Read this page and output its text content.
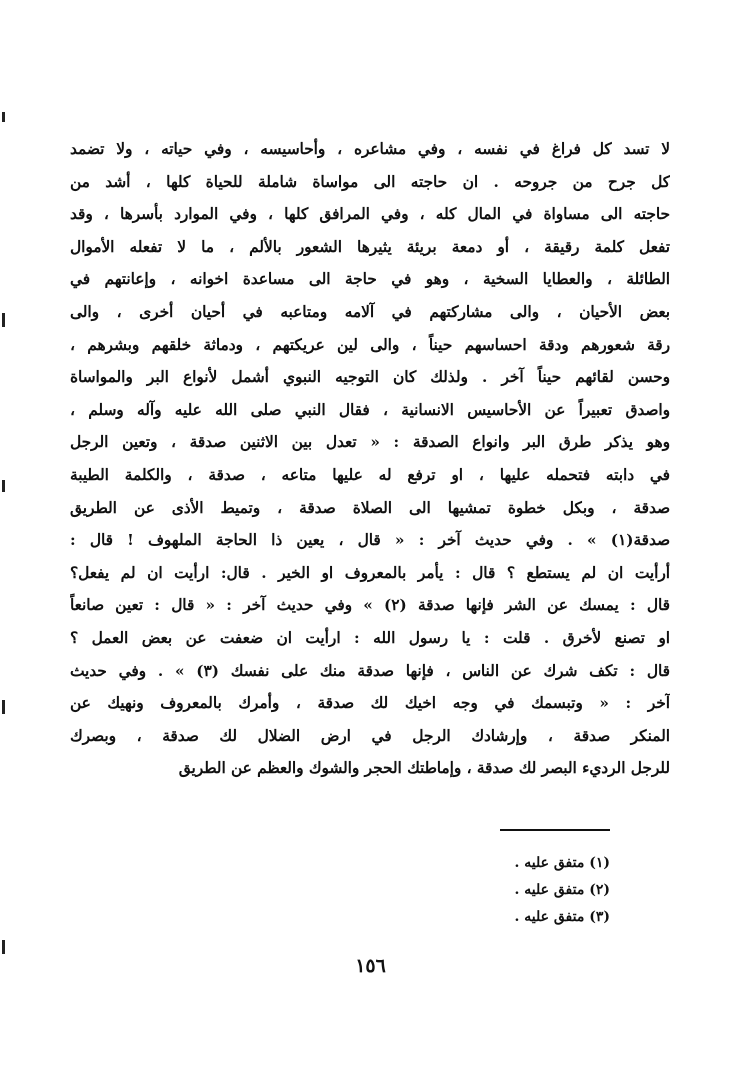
لا تسد كل فراغ في نفسه ، وفي مشاعره ، وأحاسيسه ، وفي حياته ، ولا تضمد
كل جرح من جروحه . ان حاجته الى مواساة شاملة للحياة كلها ، أشد من
حاجته الى مساواة في المال كله ، وفي المرافق كلها ، وفي الموارد بأسرها ، وقد
تفعل كلمة رقيقة ، أو دمعة بريئة يثيرها الشعور بالألم ، ما لا تفعله الأموال
الطائلة ، والعطايا السخية ، وهو في حاجة الى مساعدة اخوانه ، وإعانتهم في
بعض الأحيان ، والى مشاركتهم في آلامه ومتاعبه في أحيان أخرى ، والى
رقة شعورهم ودقة احساسهم حيناً ، والى لين عريكتهم ، ودماثة خلقهم وبشرهم ،
وحسن لقائهم حيناً آخر . ولذلك كان التوجيه النبوي أشمل لأنواع البر والمواساة
واصدق تعبيراً عن الأحاسيس الانسانية ، فقال النبي صلى الله عليه وآله وسلم ،
وهو يذكر طرق البر وانواع الصدقة : « تعدل بين الاثنين صدقة ، وتعين الرجل
في دابته فتحمله عليها ، او ترفع له عليها متاعه ، صدقة ، والكلمة الطيبة
صدقة ، وبكل خطوة تمشيها الى الصلاة صدقة ، وتميط الأذى عن الطريق
صدقة(١) » . وفي حديث آخر : « قال ، يعين ذا الحاجة الملهوف ! قال :
أرأيت ان لم يستطع ؟ قال : يأمر بالمعروف او الخير . قال: ارأيت ان لم يفعل؟
قال : يمسك عن الشر فإنها صدقة (٢) » وفي حديث آخر : « قال : تعين صانعاً
او تصنع لأخرق . قلت : يا رسول الله : ارأيت ان ضعفت عن بعض العمل ؟
قال : تكف شرك عن الناس ، فإنها صدقة منك على نفسك (٣) » . وفي حديث
آخر : « وتبسمك في وجه اخيك لك صدقة ، وأمرك بالمعروف ونهيك عن
المنكر صدقة ، وإرشادك الرجل في ارض الضلال لك صدقة ، وبصرك
للرجل الرديء البصر لك صدقة ، وإماطتك الحجر والشوك والعظم عن الطريق
(١) متفق عليه .
(٢) متفق عليه .
(٣) متفق عليه .
١٥٦
